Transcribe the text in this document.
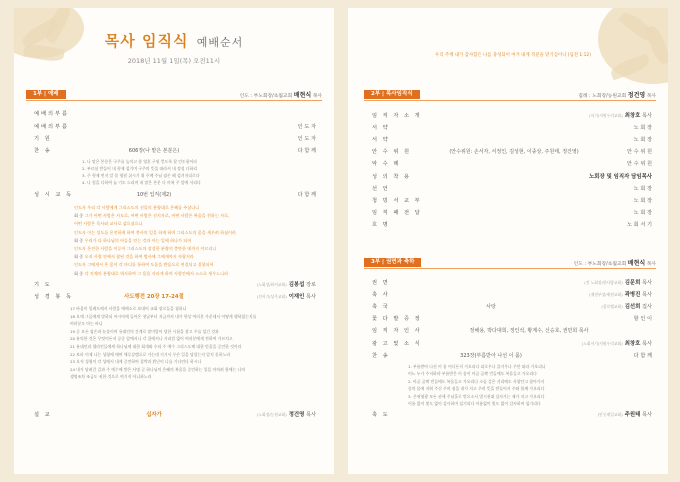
목사 임직식 예배순서
2018년 11월 1일(목) 오전11시
1부 | 예배	인도 : 부노회장/초월교회 배현식 목사
예배의부름
예배의부름	인 도 자
기 원	인 도 자
찬 송	606장(나 맡은 본분은)	다 함 께
1. 나 맡은 본분은 구주를 높이고 뭇 영혼 구원 얻도록 잘 인도함이라
2. 부르심 받들어 내 형제 섬기며 구주의 뜻을 따라서 내 정성 다하리
3. 주 형제 먼저 알 몸 영원 쉬시기 위 주께 주님 겸손 해 섬겨지리로다
4. 나 힘을 다하여 늘 기도 드리며 내 맡은 본분 다 마쳐 주 앞에 서리다
성 시 교 독	10번 입직(제2)	다 함 께
인도자 우리 각 사람에게 그리스도의 선물의 분량대로 은혜를 주셨나니
회 중 그가 어떤 사람은 사도로, 어떤 사람은 선지자로, 어떤 사람은 복음을 전하는 자로,
어떤 사람은 목사와 교사로 삼으셨으니
인도자 이는 성도를 온전하게 하여 봉사의 일을 하게 하며 그리스도의 몸을 세우려 하심이라
회 중 우리가 다 하나님의 아들을 믿는 것과 아는 일에 하나가 되어
인도자 온전한 사람을 이루어 그리스도의 장성한 분량의 충만한 데까지 이르리니
회 중 오직 사랑 안에서 참된 것을 하여 범사에 그에게까지 자랄지라
인도자 그에게서 온 몸이 각 마디를 통하여 도움을 받음으로 연결되고 결합되어
회 중 각 지체의 분량대로 역사하여 그 몸을 자라게 하며 사랑안에서 스스로 세우느니라
기 도	(노회장/하서교회) 김봉섭 장로
성 경 봉 독	사도행전 20장 17-24절	(전서기/상주교회) 이재인 목사
17 바울이 밀레도에서 사람을 에베소로 보내어 교회 장로들을 청하니
18 오매 그들에게 말하되 아시아에 들어온 첫날부터 지금까지 내가 항상 여러분 가운데서 어떻게 행하였는지를
여러분도 아는 바니
19 곧 모든 겸손과 눈물이며 유대인의 간계로 말미암아 당한 시험을 참고 주를 섬긴 것과
20 유익한 것은 무엇이든지 공중 앞에서나 각 집에서나 거리낌 없이 여러분에게 전하여 가르치고
21 유대인과 헬라인들에게 하나님께 대한 회개와 우리 주 예수 그리스도께 대한 믿음을 증언한 것이라
22 보라 이제 나는 성령에 매여 예루살렘으로 가는데 거기서 무슨 일을 당할는지 알지 못하노라
23 오직 성령이 각 성에서 내게 증언하여 결박과 환난이 나를 기다린다 하시나
24 내가 달려갈 길과 주 예수께 받은 사명 곧 하나님의 은혜의 복음을 증언하는 일을 마치려 함에는 나의
생명조차 조금도 귀한 것으로 여기지 아니하노라
설 교	십자가	(노회장/능원교회) 정건영 목사
우리 주께 내가 감사함은 나를 충성되이 여겨 내게 직분을 맡기심이니 (딤전 1:12)
2부 | 목사임직식	집례 : 노회장/능원교회 정건영 목사
임 직 자 소 개	(서기/지원우리교회) 최창호 목사
서 약	노 회 장
서 약	노 회 장
안 수 위 원	(안수위원: 손서자, 서정인, 김성현, 이종상, 주원태, 정건영)	안 수 위 원
악 수 례	안 수 위 원
성 의 착 용	노회장 및 임직자 담임목사
선 언	노 회 장
청 빙 서 교 부	노 회 장
임 직 패 전 달	노 회 장
호 명	노 회 서 기
3부 | 권면과 축하	인도 : 부노회장/초월교회 배현식 목사
권 면	(전 노회장/한사랑교회) 김문희 목사
축 사	(재정부장/재현교회) 곽병진 목사
축 국	사랑	(할로벨교회) 김선희 집사
꽃 다 발 증 정	할 인 이
임 직 자 인 사	정해용, 박다대희, 정인석, 황계수, 신승호, 권민희 목사
광 고 및 소 식	(노회서기/지원우리교회) 최창호 목사
찬 송	323장(부름받아 나선 이 몸)	다 함 께
1. 부름받아 나선 이 몸 어디든지 가오리다 괴로우나 즐거우나 주만 따라 가오리니
어느 누가 주저하랴 부름받은 이 몸이 아골 골짝 빈들에도 복음들고 가오리다
2. 아골 골짝 빈들에도 복음들고 가오리다 소돔 같은 거리에도 사랑안고 찾아가서
종의 몸에 지워 주신 주의 짐을 내가 지고 주의 뜻을 받들어서 주와 함께 가오리다
3. 존귀영광 모든 권세 주님홀로 받으소서 멸시천대 십자가는 제가 지고 가오리다
이름 없이 빛도 없이 감사하며 섬기리다 이름없이 빛도 없이 감사하며 섬기리다
축 도	(안동제일교회) 주원태 목사
